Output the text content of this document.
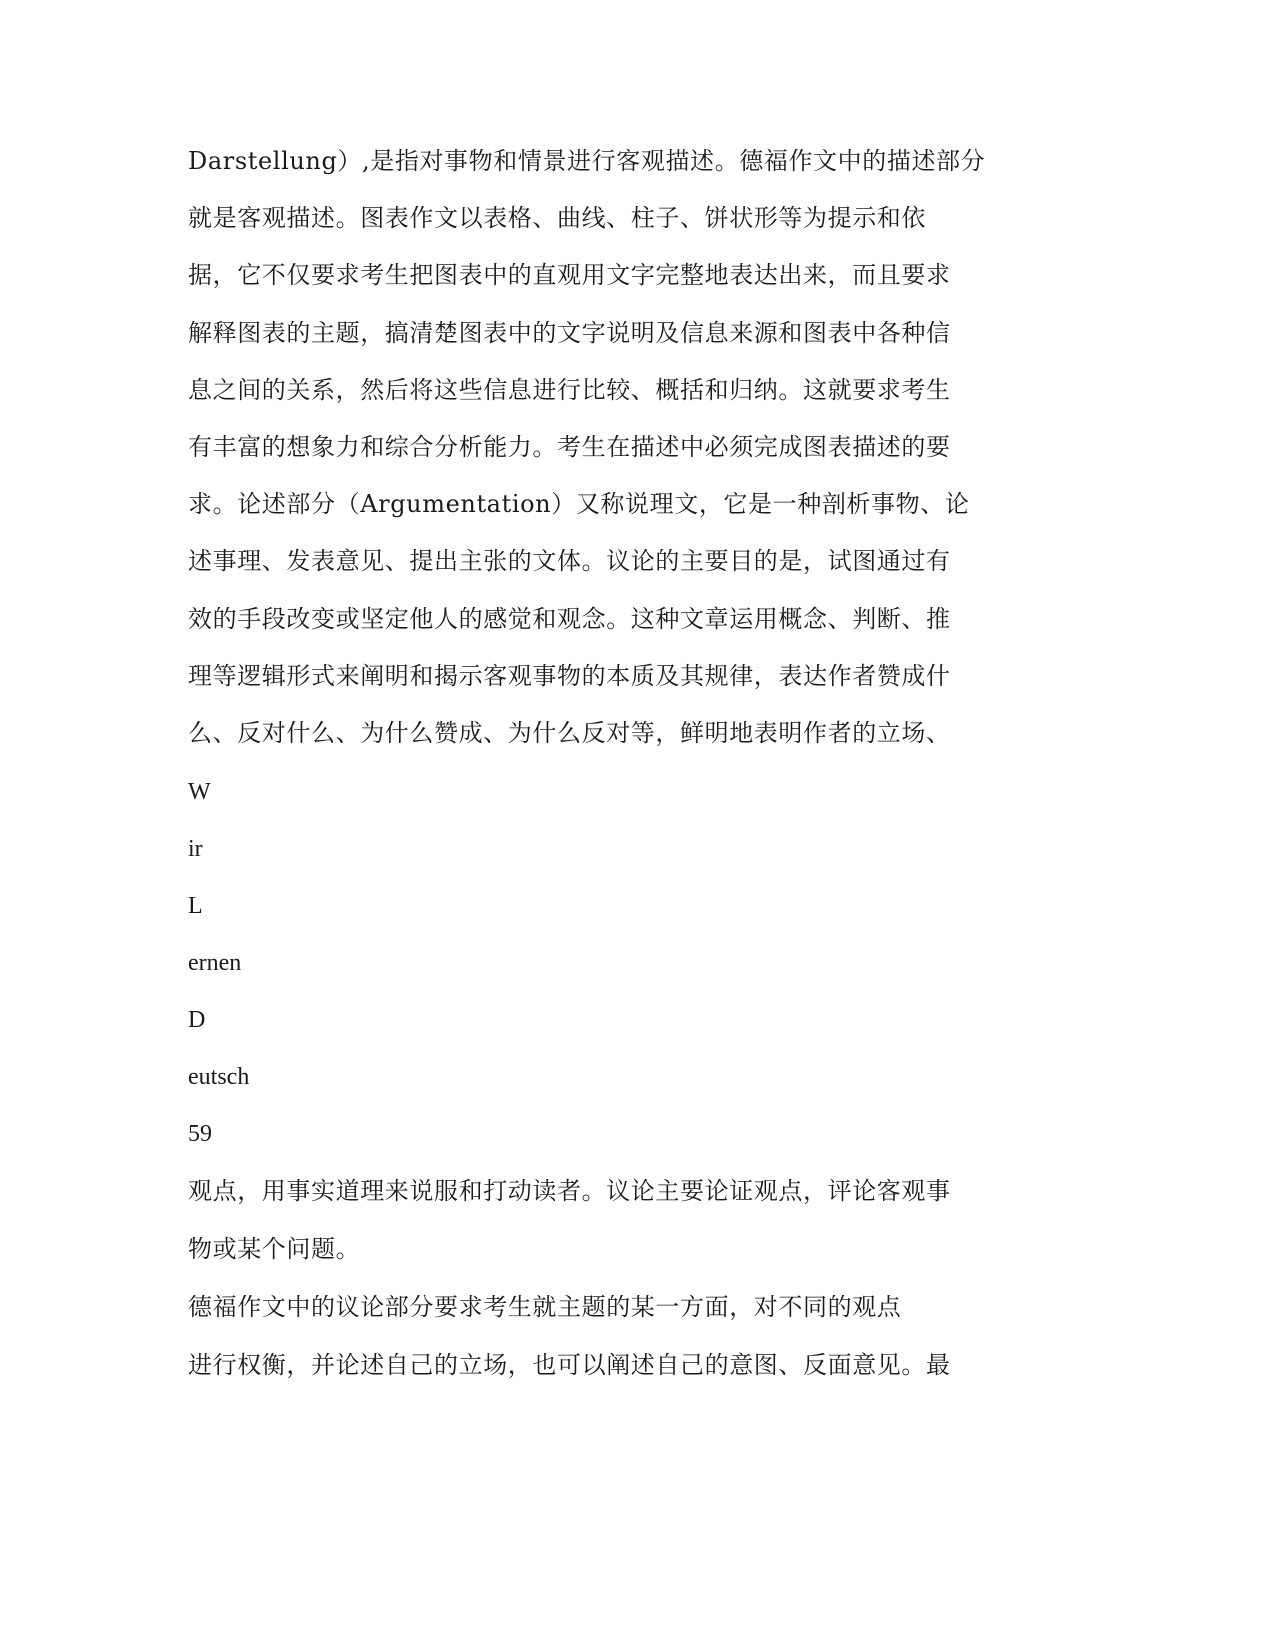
Darstellung）,是指对事物和情景进行客观描述。德福作文中的描述部分
就是客观描述。图表作文以表格、曲线、柱子、饼状形等为提示和依
据，它不仅要求考生把图表中的直观用文字完整地表达出来，而且要求
解释图表的主题，搞清楚图表中的文字说明及信息来源和图表中各种信
息之间的关系，然后将这些信息进行比较、概括和归纳。这就要求考生
有丰富的想象力和综合分析能力。考生在描述中必须完成图表描述的要
求。论述部分（Argumentation）又称说理文，它是一种剖析事物、论
述事理、发表意见、提出主张的文体。议论的主要目的是，试图通过有
效的手段改变或坚定他人的感觉和观念。这种文章运用概念、判断、推
理等逻辑形式来阐明和揭示客观事物的本质及其规律，表达作者赞成什
么、反对什么、为什么赞成、为什么反对等，鲜明地表明作者的立场、
W
ir
L
ernen
D
eutsch
59
观点，用事实道理来说服和打动读者。议论主要论证观点，评论客观事
物或某个问题。
德福作文中的议论部分要求考生就主题的某一方面，对不同的观点
进行权衡，并论述自己的立场，也可以阐述自己的意图、反面意见。最
